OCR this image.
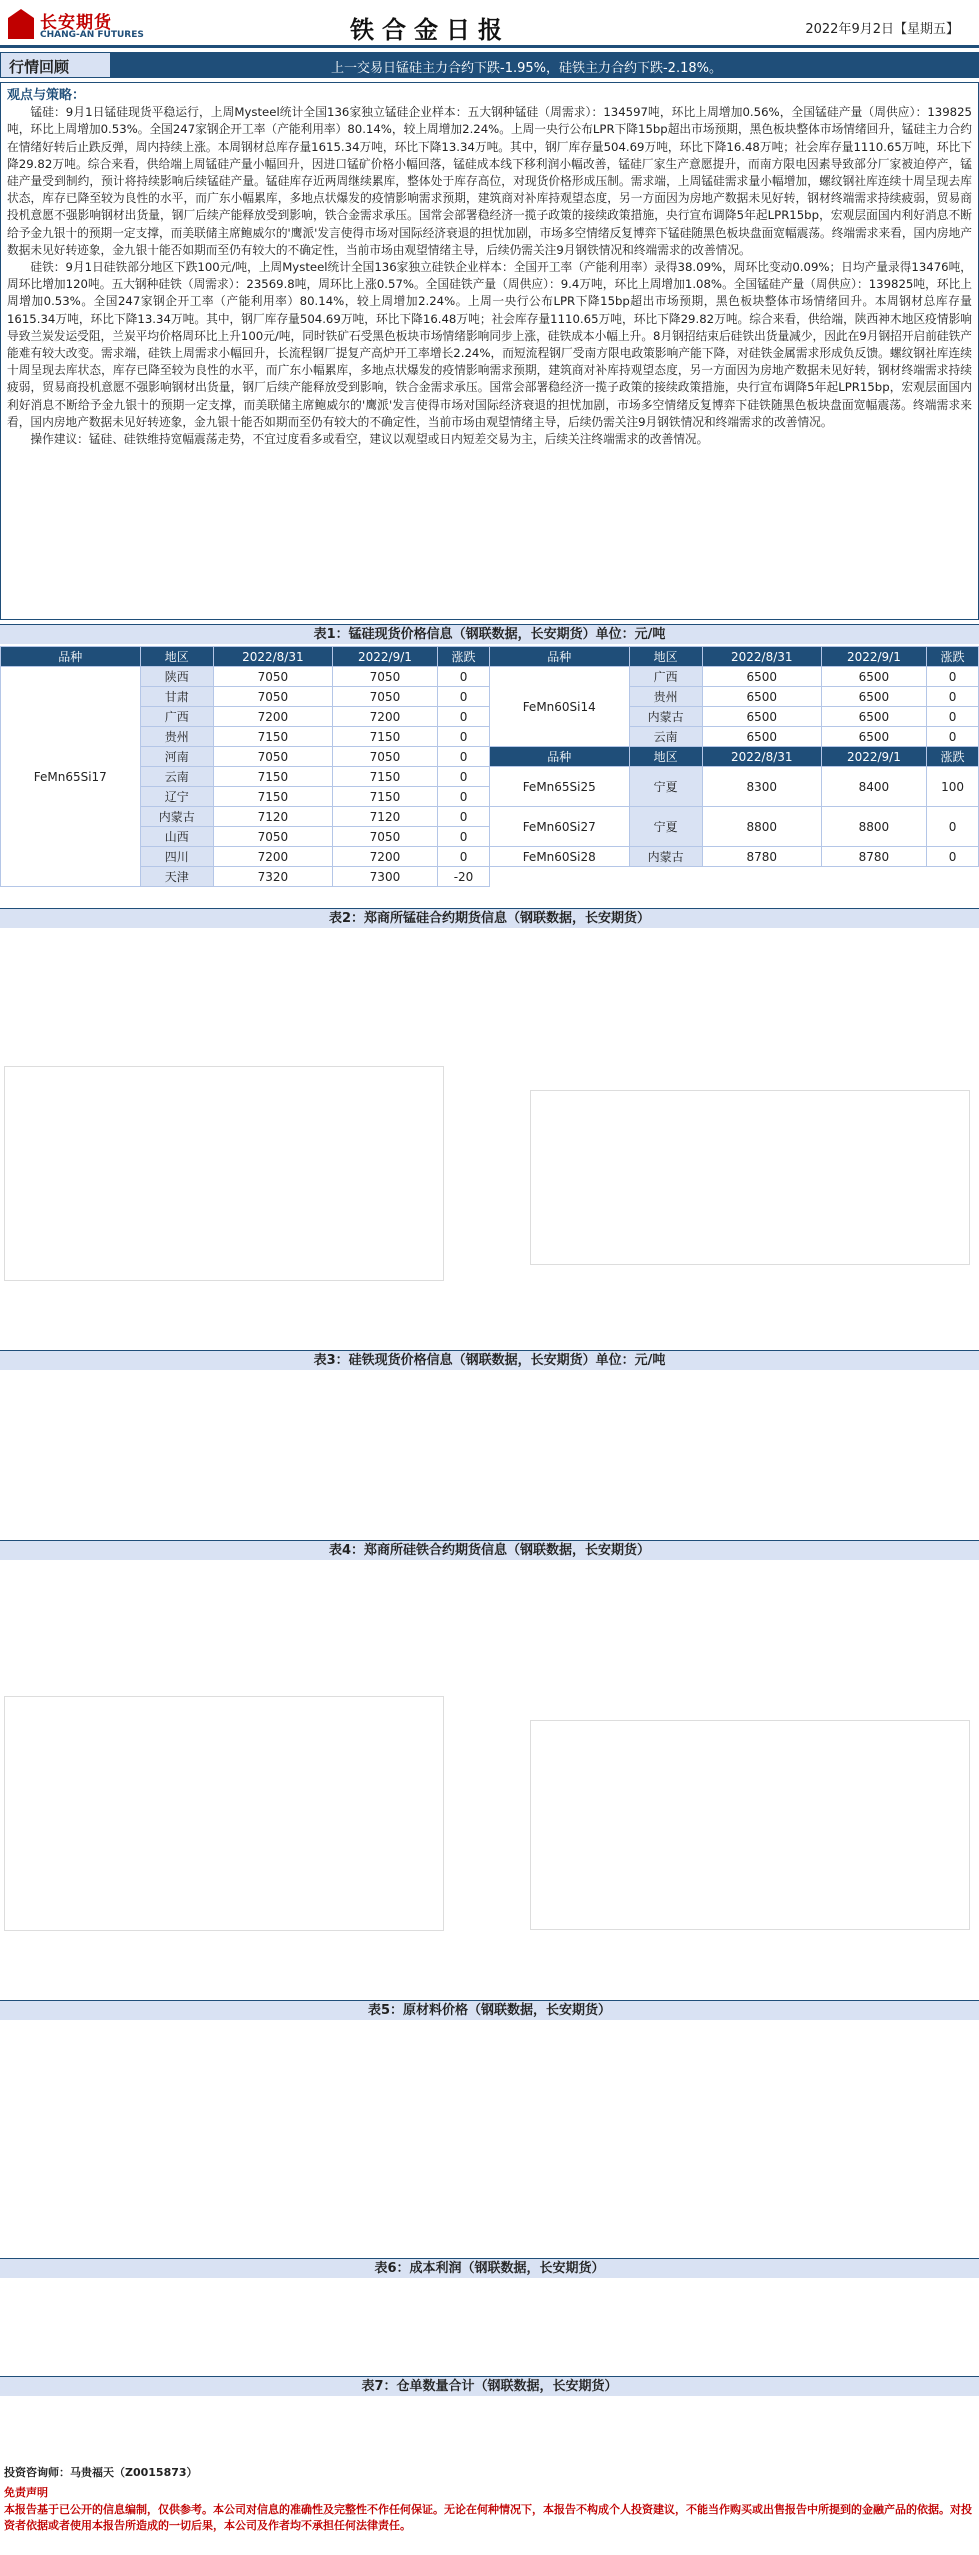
长安期货
CHANG-AN FUTURES	铁合金日报	2022年9月2日【星期五】
行情回顾	上一交易日锰硅主力合约下跌-1.95%，硅铁主力合约下跌-2.18%。
观点与策略：

锰硅：9月1日锰硅现货平稳运行，上周Mysteel统计全国136家独立锰硅企业样本：五大钢种锰硅（周需求）：134597吨，环比上周增加0.56%，全国锰硅产量（周供应）：139825吨，环比上周增加0.53%。全国247家钢企开工率（产能利用率）80.14%，较上周增加2.24%。上周一央行公布LPR下降15bp超出市场预期，黑色板块整体市场情绪回升，锰硅主力合约在情绪好转后止跌反弹，周内持续上涨。本周钢材总库存量1615.34万吨，环比下降13.34万吨。其中，钢厂库存量504.69万吨，环比下降16.48万吨；社会库存量1110.65万吨，环比下降29.82万吨。综合来看，供给端上周锰硅产量小幅回升，因进口锰矿价格小幅回落，锰硅成本线下移利润小幅改善，锰硅厂家生产意愿提升，而南方限电因素导致部分厂家被迫停产，锰硅产量受到制约，预计将持续影响后续锰硅产量。锰硅库存近两周继续累库，整体处于库存高位，对现货价格形成压制。需求端，上周锰硅需求量小幅增加，螺纹钢社库连续十周呈现去库状态，库存已降至较为良性的水平，而广东小幅累库，多地点状爆发的疫情影响需求预期，建筑商对补库持观望态度，另一方面因为房地产数据未见好转，钢材终端需求持续疲弱，贸易商投机意愿不强影响钢材出货量，钢厂后续产能释放受到影响，铁合金需求承压。国常会部署稳经济一揽子政策的接续政策措施，央行宣布调降5年起LPR15bp，宏观层面国内利好消息不断给予金九银十的预期一定支撑，而美联储主席鲍威尔的'鹰派'发言使得市场对国际经济衰退的担忧加剧，市场多空情绪反复博弈下锰硅随黑色板块盘面宽幅震荡。终端需求来看，国内房地产数据未见好转迹象，金九银十能否如期而至仍有较大的不确定性，当前市场由观望情绪主导，后续仍需关注9月钢铁情况和终端需求的改善情况。

硅铁：9月1日硅铁部分地区下跌100元/吨，上周Mysteel统计全国136家独立硅铁企业样本：全国开工率（产能利用率）录得38.09%，周环比变动0.09%；日均产量录得13476吨，周环比增加120吨。五大钢种硅铁（周需求）：23569.8吨，周环比上涨0.57%。全国硅铁产量（周供应）：9.4万吨，环比上周增加1.08%。全国锰硅产量（周供应）：139825吨，环比上周增加0.53%。全国247家钢企开工率（产能利用率）80.14%，较上周增加2.24%。上周一央行公布LPR下降15bp超出市场预期，黑色板块整体市场情绪回升。本周钢材总库存量1615.34万吨，环比下降13.34万吨。其中，钢厂库存量504.69万吨，环比下降16.48万吨；社会库存量1110.65万吨，环比下降29.82万吨。综合来看，供给端，陕西神木地区疫情影响导致兰炭发运受阻，兰炭平均价格周环比上升100元/吨，同时铁矿石受黑色板块市场情绪影响同步上涨，硅铁成本小幅上升。8月钢招结束后硅铁出货量减少，因此在9月钢招开启前硅铁产能难有较大改变。需求端，硅铁上周需求小幅回升，长流程钢厂提复产高炉开工率增长2.24%，而短流程钢厂受南方限电政策影响产能下降，对硅铁金属需求形成负反馈。螺纹钢社库连续十周呈现去库状态，库存已降至较为良性的水平，而广东小幅累库，多地点状爆发的疫情影响需求预期，建筑商对补库持观望态度，另一方面因为房地产数据未见好转，钢材终端需求持续疲弱，贸易商投机意愿不强影响钢材出货量，钢厂后续产能释放受到影响，铁合金需求承压。国常会部署稳经济一揽子政策的接续政策措施，央行宣布调降5年起LPR15bp，宏观层面国内利好消息不断给予金九银十的预期一定支撑，而美联储主席鲍威尔的'鹰派'发言使得市场对国际经济衰退的担忧加剧，市场多空情绪反复博弈下硅铁随黑色板块盘面宽幅震荡。终端需求来看，国内房地产数据未见好转迹象，金九银十能否如期而至仍有较大的不确定性，当前市场由观望情绪主导，后续仍需关注9月钢铁情况和终端需求的改善情况。

操作建议：锰硅、硅铁维持宽幅震荡走势，不宜过度看多或看空，建议以观望或日内短差交易为主，后续关注终端需求的改善情况。

表1：锰硅现货价格信息（钢联数据，长安期货）单位：元/吨
品种	地区	2022/8/31	2022/9/1	涨跌	品种	地区	2022/8/31	2022/9/1	涨跌
FeMn65Si17	陕西	7050	7050	0	FeMn60Si14	广西	6500	6500	0
	甘肃	7050	7050	0		贵州	6500	6500	0
	广西	7200	7200	0		内蒙古	6500	6500	0
	贵州	7150	7150	0		云南	6500	6500	0
	河南	7050	7050	0	品种	地区	2022/8/31	2022/9/1	涨跌
	云南	7150	7150	0	FeMn65Si25	宁夏	8300	8400	100
	辽宁	7150	7150	0					
	内蒙古	7120	7120	0	FeMn60Si27	宁夏	8800	8800	0
	山西	7050	7050	0					
	四川	7200	7200	0	FeMn60Si28	内蒙古	8780	8780	0
	天津	7320	7300	-20					
表2：郑商所锰硅合约期货信息（钢联数据，长安期货）
表3：硅铁现货价格信息（钢联数据，长安期货）单位：元/吨
表4：郑商所硅铁合约期货信息（钢联数据，长安期货）
表5：原材料价格（钢联数据，长安期货）
表6：成本利润（钢联数据，长安期货）
表7：仓单数量合计（钢联数据，长安期货）
投资咨询师：马贵福天（Z0015873）
免责声明
本报告基于已公开的信息编制，仅供参考。本公司对信息的准确性及完整性不作任何保证。无论在何种情况下，本报告不构成个人投资建议，不能当作购买或出售报告中所提到的金融产品的依据。对投资者依据或者使用本报告所造成的一切后果，本公司及作者均不承担任何法律责任。
